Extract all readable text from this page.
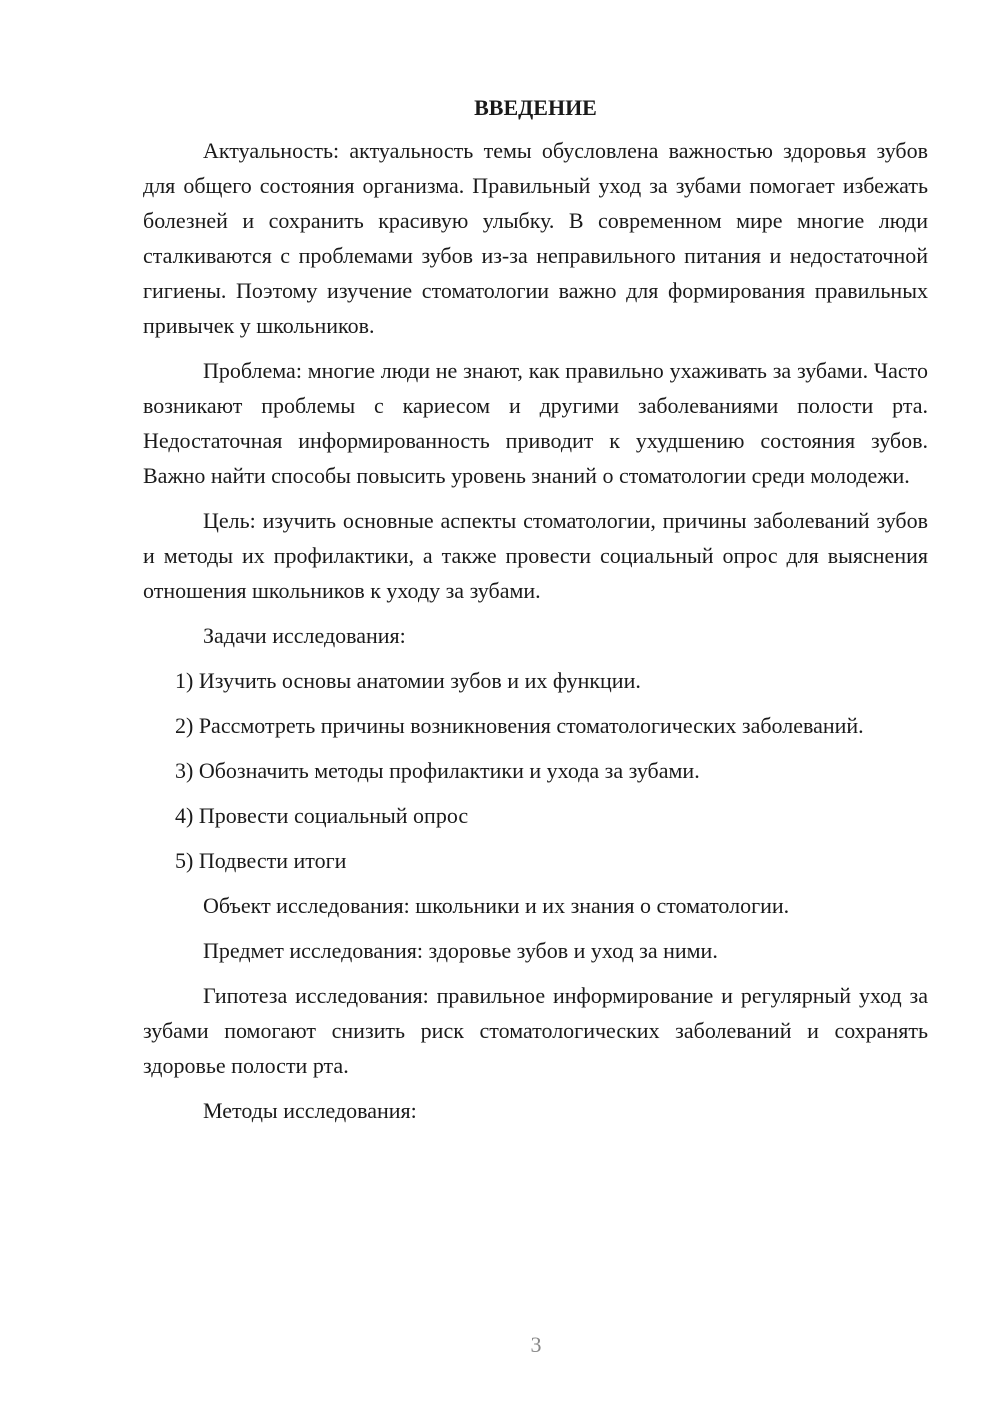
ВВЕДЕНИЕ

Актуальность: актуальность темы обусловлена важностью здоровья зубов для общего состояния организма. Правильный уход за зубами помогает избежать болезней и сохранить красивую улыбку. В современном мире многие люди сталкиваются с проблемами зубов из-за неправильного питания и недостаточной гигиены. Поэтому изучение стоматологии важно для формирования правильных привычек у школьников.

Проблема: многие люди не знают, как правильно ухаживать за зубами. Часто возникают проблемы с кариесом и другими заболеваниями полости рта. Недостаточная информированность приводит к ухудшению состояния зубов. Важно найти способы повысить уровень знаний о стоматологии среди молодежи.

Цель: изучить основные аспекты стоматологии, причины заболеваний зубов и методы их профилактики, а также провести социальный опрос для выяснения отношения школьников к уходу за зубами.

Задачи исследования:

1) Изучить основы анатомии зубов и их функции.

2) Рассмотреть причины возникновения стоматологических заболеваний.

3) Обозначить методы профилактики и ухода за зубами.

4) Провести социальный опрос

5) Подвести итоги

Объект исследования: школьники и их знания о стоматологии.

Предмет исследования: здоровье зубов и уход за ними.

Гипотеза исследования: правильное информирование и регулярный уход за зубами помогают снизить риск стоматологических заболеваний и сохранять здоровье полости рта.

Методы исследования:

3
